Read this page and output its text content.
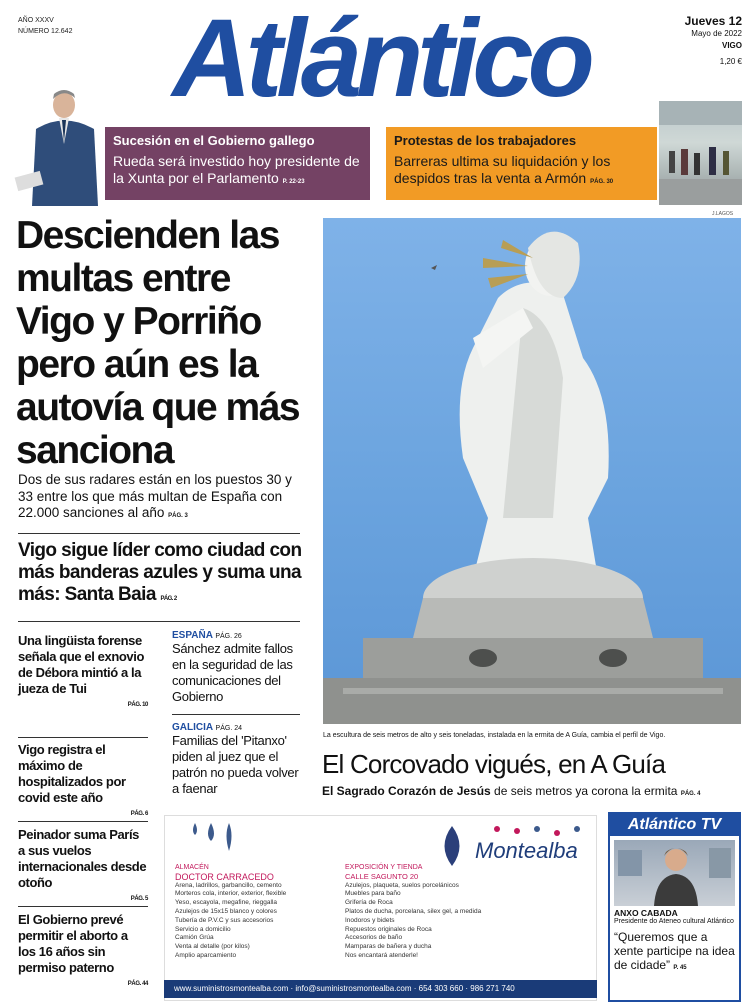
AÑO XXXV
NÚMERO 12.642 Atlántico	Jueves 12
Mayo de 2022
VIGO
1,20 €
Sucesión en el Gobierno gallego
Rueda será investido hoy presidente de la Xunta por el Parlamento P. 22-23
Protestas de los trabajadores
Barreras ultima su liquidación y los despidos tras la venta a Armón PÁG. 30
Descienden las multas entre Vigo y Porriño pero aún es la autovía que más sanciona
Dos de sus radares están en los puestos 30 y 33 entre los que más multan de España con 22.000 sanciones al año PÁG. 3
Vigo sigue líder como ciudad con más banderas azules y suma una más: Santa Baia PÁG. 2
Una lingüista forense señala que el exnovio de Débora mintió a la jueza de Tui
PÁG. 10
Vigo registra el máximo de hospitalizados por covid este año
PÁG. 6
Peinador suma París a sus vuelos internacionales desde otoño
PÁG. 5
El Gobierno prevé permitir el aborto a los 16 años sin permiso paterno
PÁG. 44
ESPAÑA PÁG. 26
Sánchez admite fallos en la seguridad de las comunicaciones del Gobierno
GALICIA PÁG. 24
Familias del 'Pitanxo' piden al juez que el patrón no pueda volver a faenar
J.LAGOS
La escultura de seis metros de alto y seis toneladas, instalada en la ermita de A Guía, cambia el perfil de Vigo.
El Corcovado vigués, en A Guía
El Sagrado Corazón de Jesús de seis metros ya corona la ermita PÁG. 4
Montealba
ALMACÉN
DOCTOR CARRACEDO
Arena, ladrillos, garbancillo, cemento
Morteros cola, interior, exterior, flexible
Yeso, escayola, megafine, rieggalla
Azulejos de 15x15 blanco y colores
Tubería de P.V.C y sus accesorios
Servicio a domicilio
Camión Grúa
Venta al detalle (por kilos)
Amplio aparcamiento
EXPOSICIÓN Y TIENDA
CALLE SAGUNTO 20
Azulejos, plaqueta, suelos porcelánicos
Muebles para baño
Grifería de Roca
Platos de ducha, porcelana, silex gel, a medida
Inodoros y bidets
Repuestos originales de Roca
Accesorios de baño
Mamparas de bañera y ducha
Nos encantará atenderle!
www.suministrosmontealba.com · info@suministrosmontealba.com · 654 303 660 · 986 271 740
Atlántico TV
ANXO CABADA
Presidente do Ateneo cultural Atlántico
“Queremos que a xente participe na idea de cidade” P. 45
